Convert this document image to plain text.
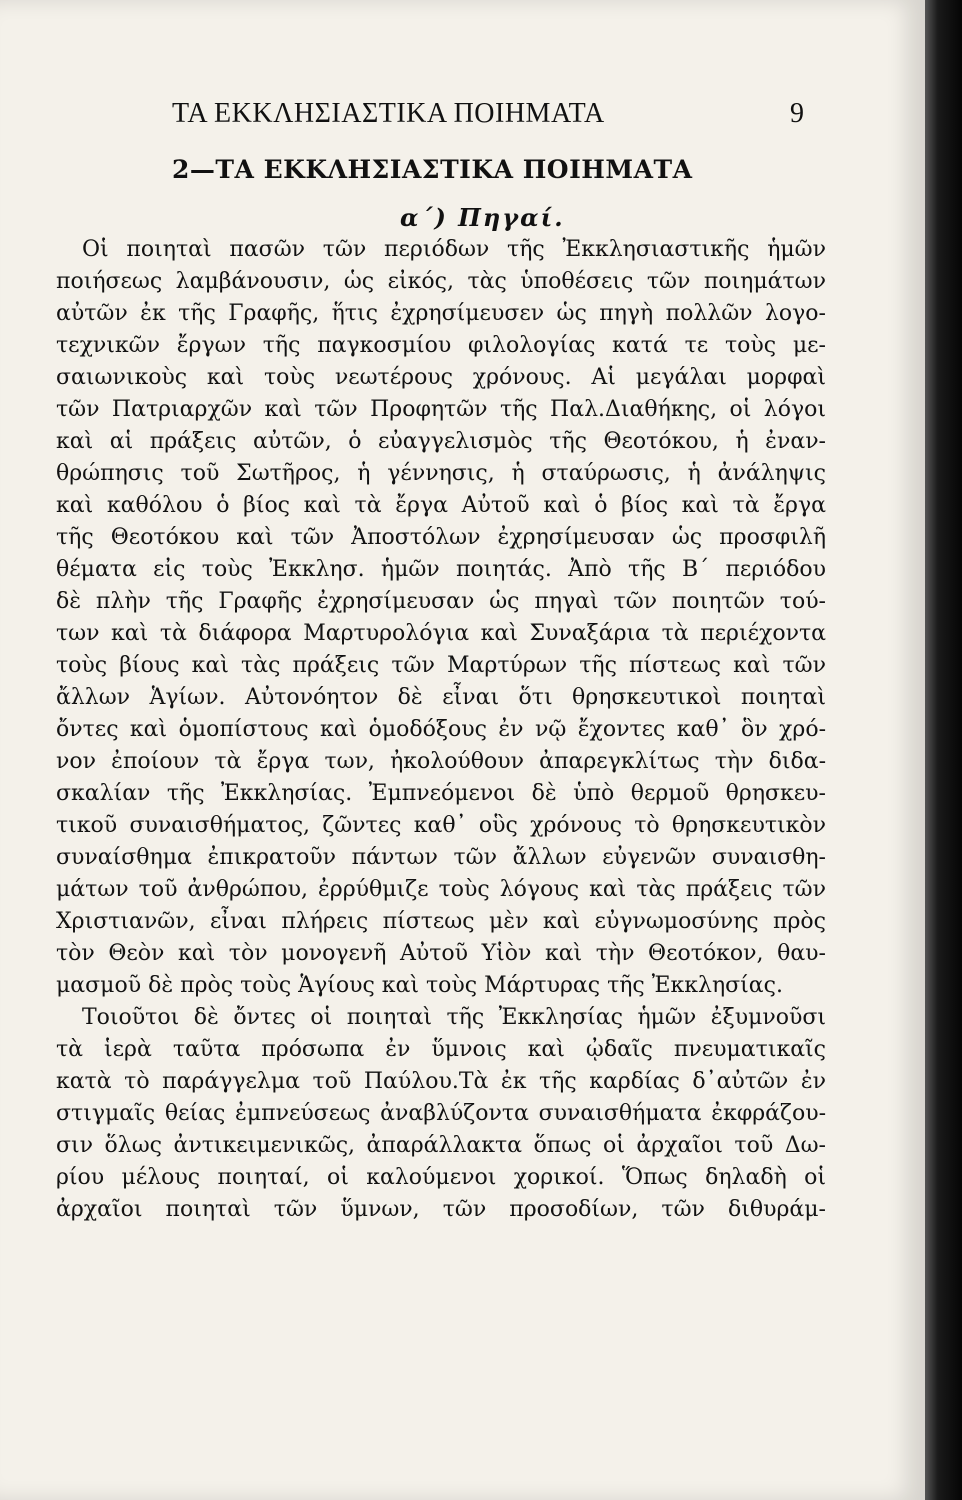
ΤΑ ΕΚΚΛΗΣΙΑΣΤΙΚΑ ΠΟΙΗΜΑΤΑ	9
2—ΤΑ ΕΚΚΛΗΣΙΑΣΤΙΚΑ ΠΟΙΗΜΑΤΑ
α΄) Πηγαί.
Οἱ ποιηταὶ πασῶν τῶν περιόδων τῆς Ἐκκλησιαστικῆς ἡμῶν
ποιήσεως λαμβάνουσιν, ὡς εἰκός, τὰς ὑποθέσεις τῶν ποιημάτων
αὐτῶν ἐκ τῆς Γραφῆς, ἥτις ἐχρησίμευσεν ὡς πηγὴ πολλῶν λογο-
τεχνικῶν ἔργων τῆς παγκοσμίου φιλολογίας κατά τε τοὺς με-
σαιωνικοὺς καὶ τοὺς νεωτέρους χρόνους. Αἱ μεγάλαι μορφαὶ
τῶν Πατριαρχῶν καὶ τῶν Προφητῶν τῆς Παλ.Διαθήκης, οἱ λόγοι
καὶ αἱ πράξεις αὐτῶν, ὁ εὐαγγελισμὸς τῆς Θεοτόκου, ἡ ἐναν-
θρώπησις τοῦ Σωτῆρος, ἡ γέννησις, ἡ σταύρωσις, ἡ ἀνάληψις
καὶ καθόλου ὁ βίος καὶ τὰ ἔργα Αὐτοῦ καὶ ὁ βίος καὶ τὰ ἔργα
τῆς Θεοτόκου καὶ τῶν Ἀποστόλων ἐχρησίμευσαν ὡς προσφιλῆ
θέματα εἰς τοὺς Ἐκκλησ. ἡμῶν ποιητάς. Ἀπὸ τῆς Β΄ περιόδου
δὲ πλὴν τῆς Γραφῆς ἐχρησίμευσαν ὡς πηγαὶ τῶν ποιητῶν τού-
των καὶ τὰ διάφορα Μαρτυρολόγια καὶ Συναξάρια τὰ περιέχοντα
τοὺς βίους καὶ τὰς πράξεις τῶν Μαρτύρων τῆς πίστεως καὶ τῶν
ἄλλων Ἁγίων. Αὐτονόητον δὲ εἶναι ὅτι θρησκευτικοὶ ποιηταὶ
ὄντες καὶ ὁμοπίστους καὶ ὁμοδόξους ἐν νῷ ἔχοντες καθ᾽ ὃν χρό-
νον ἐποίουν τὰ ἔργα των, ἠκολούθουν ἀπαρεγκλίτως τὴν διδα-
σκαλίαν τῆς Ἐκκλησίας. Ἐμπνεόμενοι δὲ ὑπὸ θερμοῦ θρησκευ-
τικοῦ συναισθήματος, ζῶντες καθ᾽ οὓς χρόνους τὸ θρησκευτικὸν
συναίσθημα ἐπικρατοῦν πάντων τῶν ἄλλων εὐγενῶν συναισθη-
μάτων τοῦ ἀνθρώπου, ἐρρύθμιζε τοὺς λόγους καὶ τὰς πράξεις τῶν
Χριστιανῶν, εἶναι πλήρεις πίστεως μὲν καὶ εὐγνωμοσύνης πρὸς
τὸν Θεὸν καὶ τὸν μονογενῆ Αὐτοῦ Υἱὸν καὶ τὴν Θεοτόκον, θαυ-
μασμοῦ δὲ πρὸς τοὺς Ἁγίους καὶ τοὺς Μάρτυρας τῆς Ἐκκλησίας.
Τοιοῦτοι δὲ ὄντες οἱ ποιηταὶ τῆς Ἐκκλησίας ἡμῶν ἐξυμνοῦσι
τὰ ἱερὰ ταῦτα πρόσωπα ἐν ὕμνοις καὶ ᾠδαῖς πνευματικαῖς
κατὰ τὸ παράγγελμα τοῦ Παύλου.Τὰ ἐκ τῆς καρδίας δ᾽αὐτῶν ἐν
στιγμαῖς θείας ἐμπνεύσεως ἀναβλύζοντα συναισθήματα ἐκφράζου-
σιν ὅλως ἀντικειμενικῶς, ἀπαράλλακτα ὅπως οἱ ἀρχαῖοι τοῦ Δω-
ρίου μέλους ποιηταί, οἱ καλούμενοι χορικοί. Ὅπως δηλαδὴ οἱ
ἀρχαῖοι ποιηταὶ τῶν ὕμνων, τῶν προσοδίων, τῶν διθυράμ-
